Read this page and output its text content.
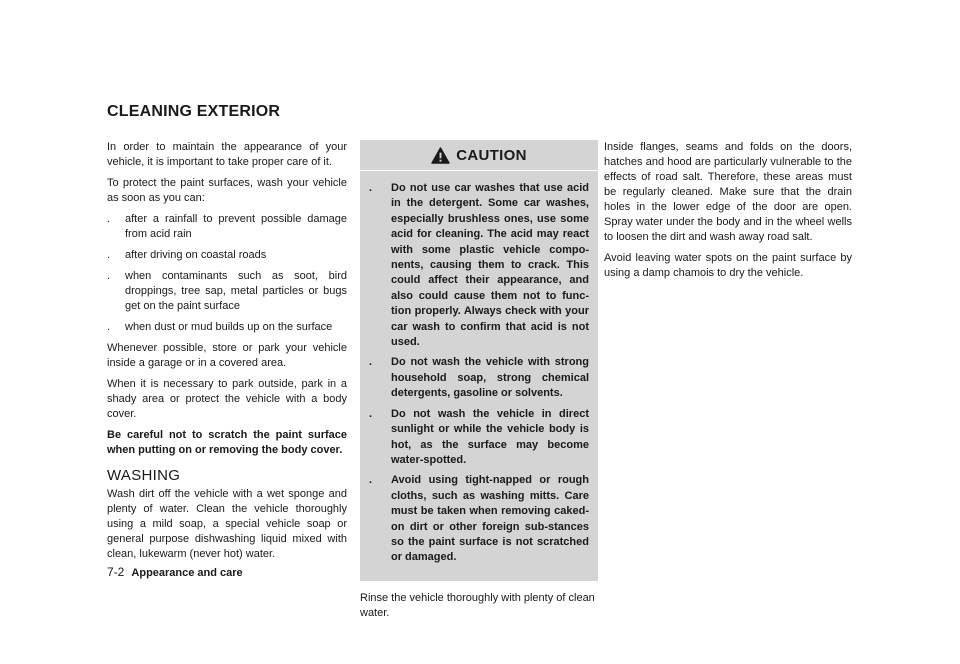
CLEANING EXTERIOR

In order to maintain the appearance of your vehicle, it is important to take proper care of it.

To protect the paint surfaces, wash your vehicle as soon as you can:

. after a rainfall to prevent possible damage from acid rain
. after driving on coastal roads
. when contaminants such as soot, bird droppings, tree sap, metal particles or bugs get on the paint surface
. when dust or mud builds up on the surface

Whenever possible, store or park your vehicle inside a garage or in a covered area.

When it is necessary to park outside, park in a shady area or protect the vehicle with a body cover.

Be careful not to scratch the paint surface when putting on or removing the body cover.

WASHING

Wash dirt off the vehicle with a wet sponge and plenty of water. Clean the vehicle thoroughly using a mild soap, a special vehicle soap or general purpose dishwashing liquid mixed with clean, lukewarm (never hot) water.

CAUTION
. Do not use car washes that use acid in the detergent. Some car washes, especially brushless ones, use some acid for cleaning. The acid may react with some plastic vehicle compo-nents, causing them to crack. This could affect their appearance, and also could cause them not to func-tion properly. Always check with your car wash to confirm that acid is not used.
. Do not wash the vehicle with strong household soap, strong chemical detergents, gasoline or solvents.
. Do not wash the vehicle in direct sunlight or while the vehicle body is hot, as the surface may become water-spotted.
. Avoid using tight-napped or rough cloths, such as washing mitts. Care must be taken when removing caked-on dirt or other foreign sub-stances so the paint surface is not scratched or damaged.

Rinse the vehicle thoroughly with plenty of clean water.

Inside flanges, seams and folds on the doors, hatches and hood are particularly vulnerable to the effects of road salt. Therefore, these areas must be regularly cleaned. Make sure that the drain holes in the lower edge of the door are open. Spray water under the body and in the wheel wells to loosen the dirt and wash away road salt.

Avoid leaving water spots on the paint surface by using a damp chamois to dry the vehicle.

7-2 Appearance and care
